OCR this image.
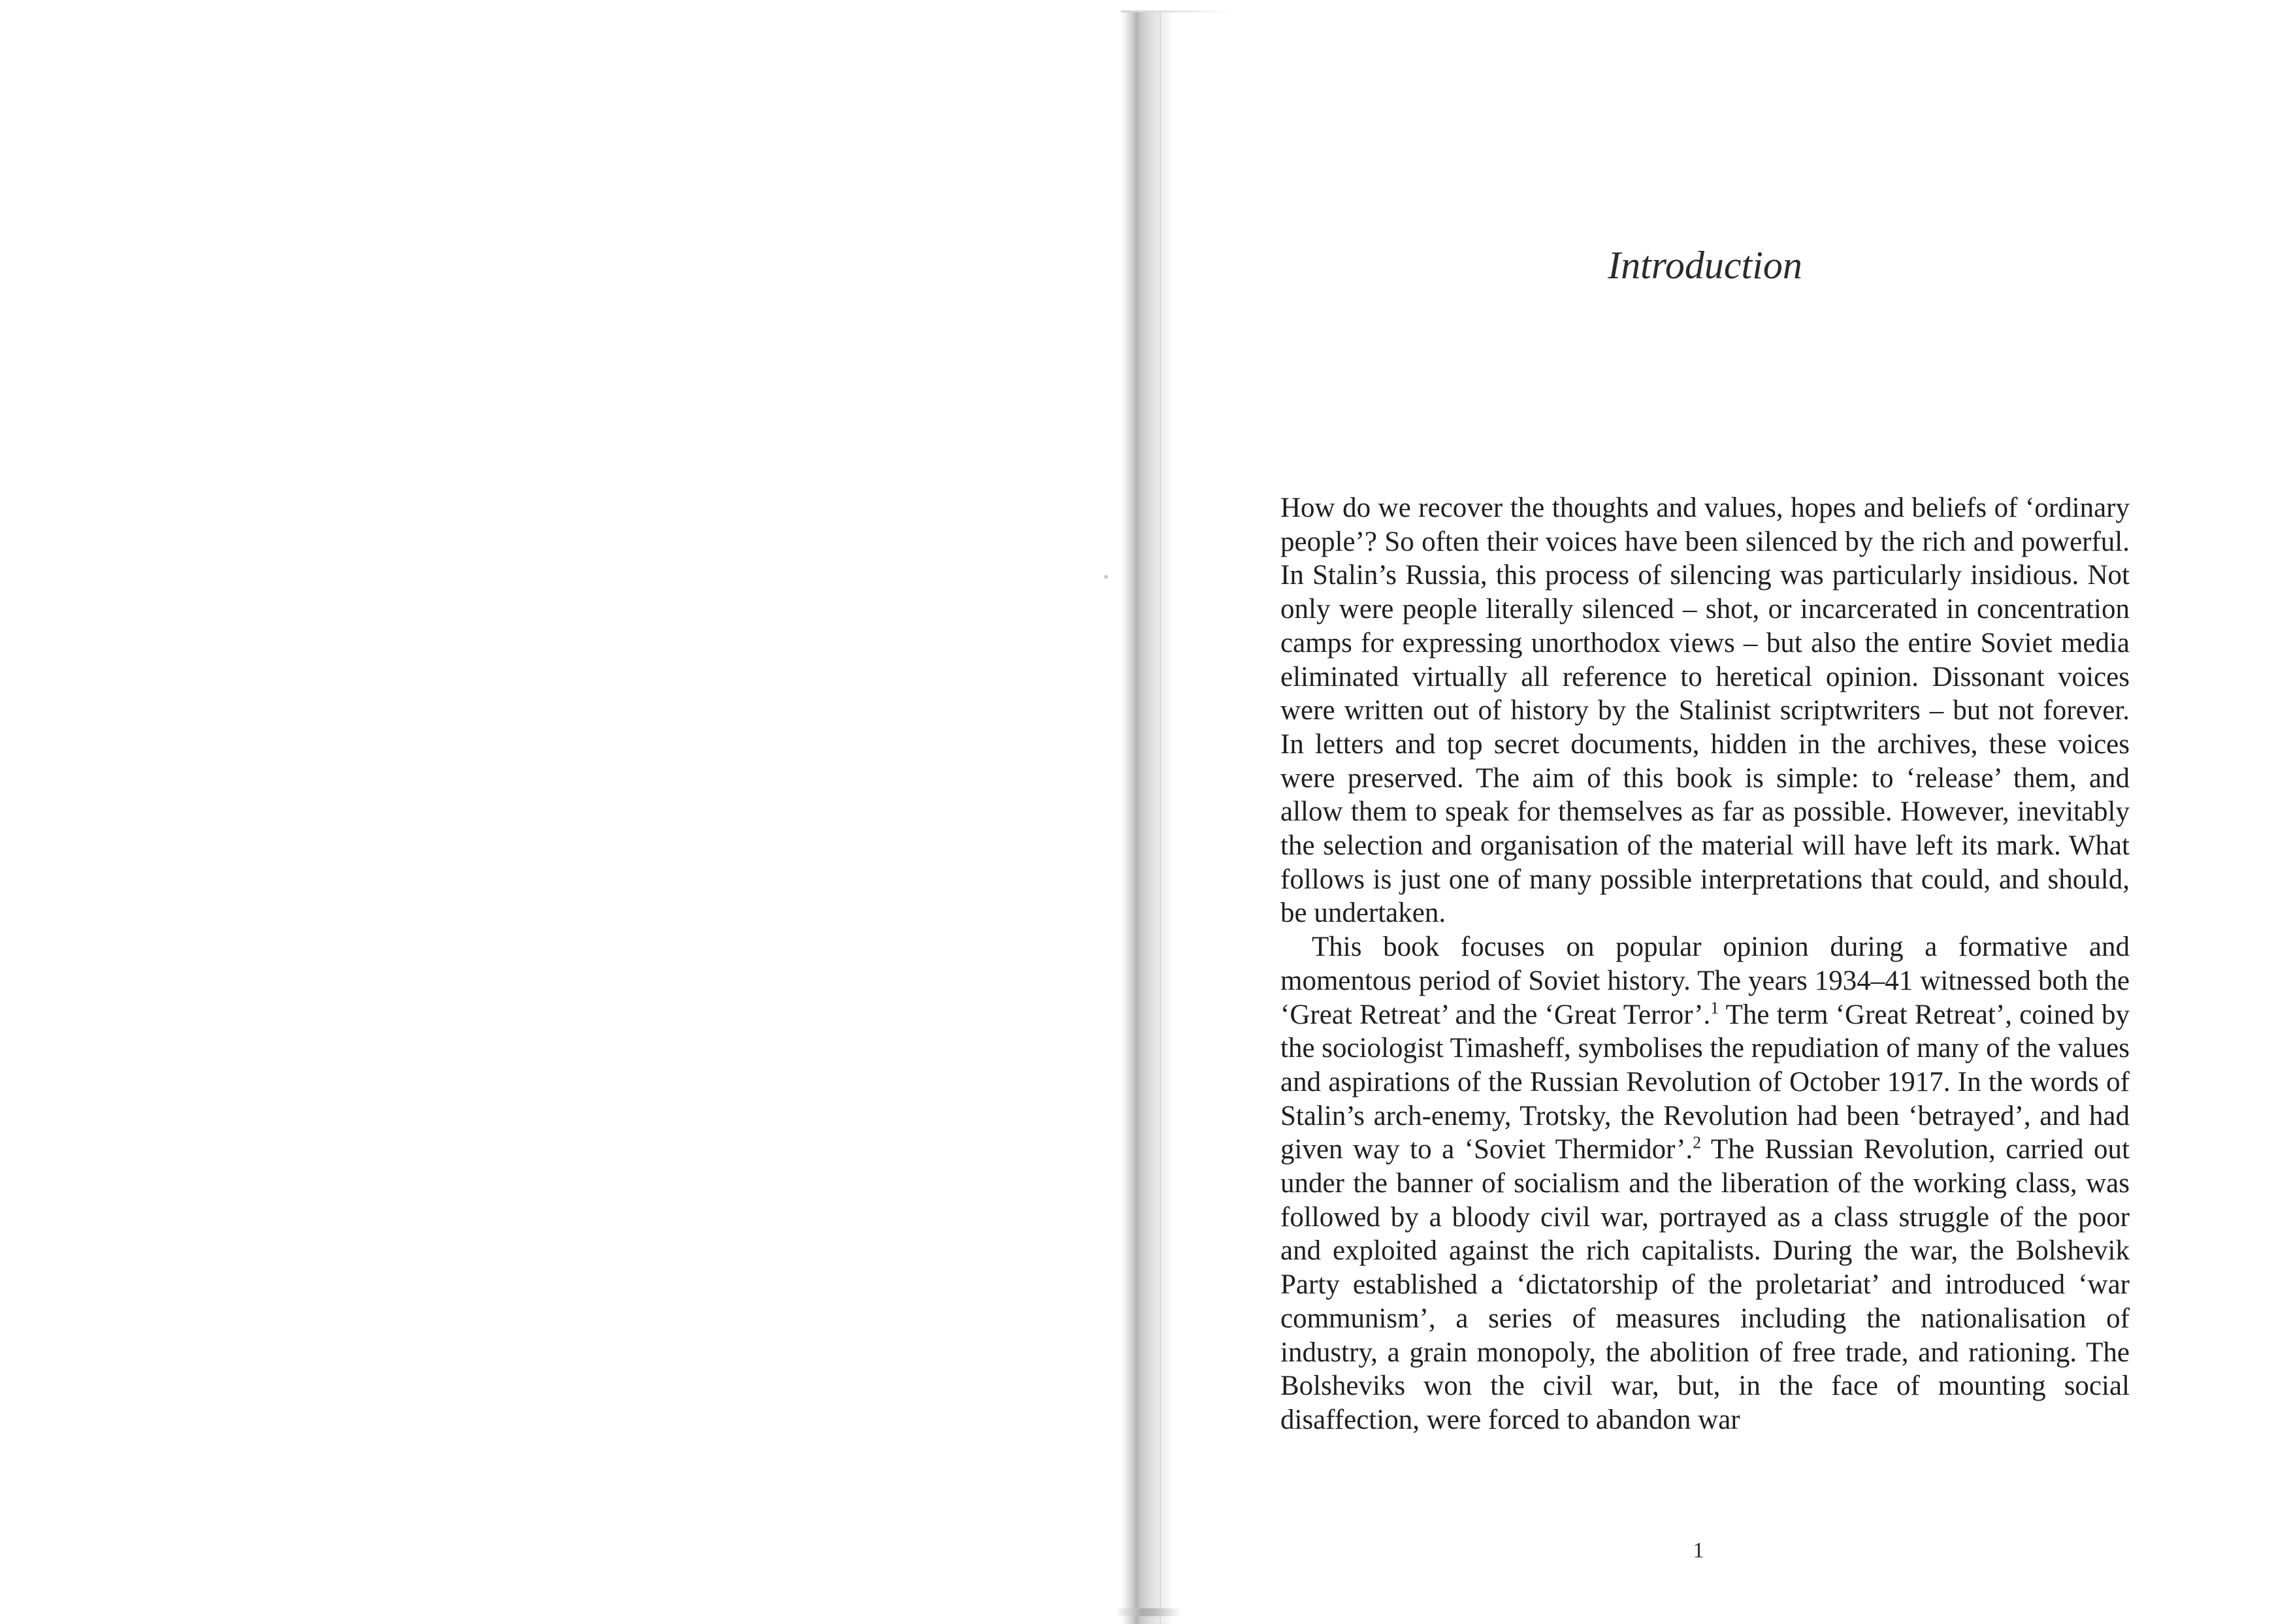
Introduction

How do we recover the thoughts and values, hopes and beliefs of ‘ordinary people’? So often their voices have been silenced by the rich and powerful. In Stalin’s Russia, this process of silencing was particularly insidious. Not only were people literally silenced – shot, or incarcerated in concentration camps for expressing unorthodox views – but also the entire Soviet media eliminated virtually all reference to heretical opinion. Dissonant voices were written out of history by the Stalinist scriptwriters – but not forever. In letters and top secret documents, hidden in the archives, these voices were preserved. The aim of this book is simple: to ‘release’ them, and allow them to speak for themselves as far as possible. However, inevitably the selection and organisation of the material will have left its mark. What follows is just one of many possible interpretations that could, and should, be undertaken.

This book focuses on popular opinion during a formative and momentous period of Soviet history. The years 1934–41 witnessed both the ‘Great Retreat’ and the ‘Great Terror’.$^1$ The term ‘Great Retreat’, coined by the sociologist Timasheff, symbolises the repudiation of many of the values and aspirations of the Russian Revolution of October 1917. In the words of Stalin’s arch-enemy, Trotsky, the Revolution had been ‘betrayed’, and had given way to a ‘Soviet Thermidor’.$^2$ The Russian Revolution, carried out under the banner of socialism and the liberation of the working class, was followed by a bloody civil war, portrayed as a class struggle of the poor and exploited against the rich capitalists. During the war, the Bolshevik Party established a ‘dictatorship of the proletariat’ and introduced ‘war communism’, a series of measures including the nationalisation of industry, a grain monopoly, the abolition of free trade, and rationing. The Bolsheviks won the civil war, but, in the face of mounting social disaffection, were forced to abandon war

1
